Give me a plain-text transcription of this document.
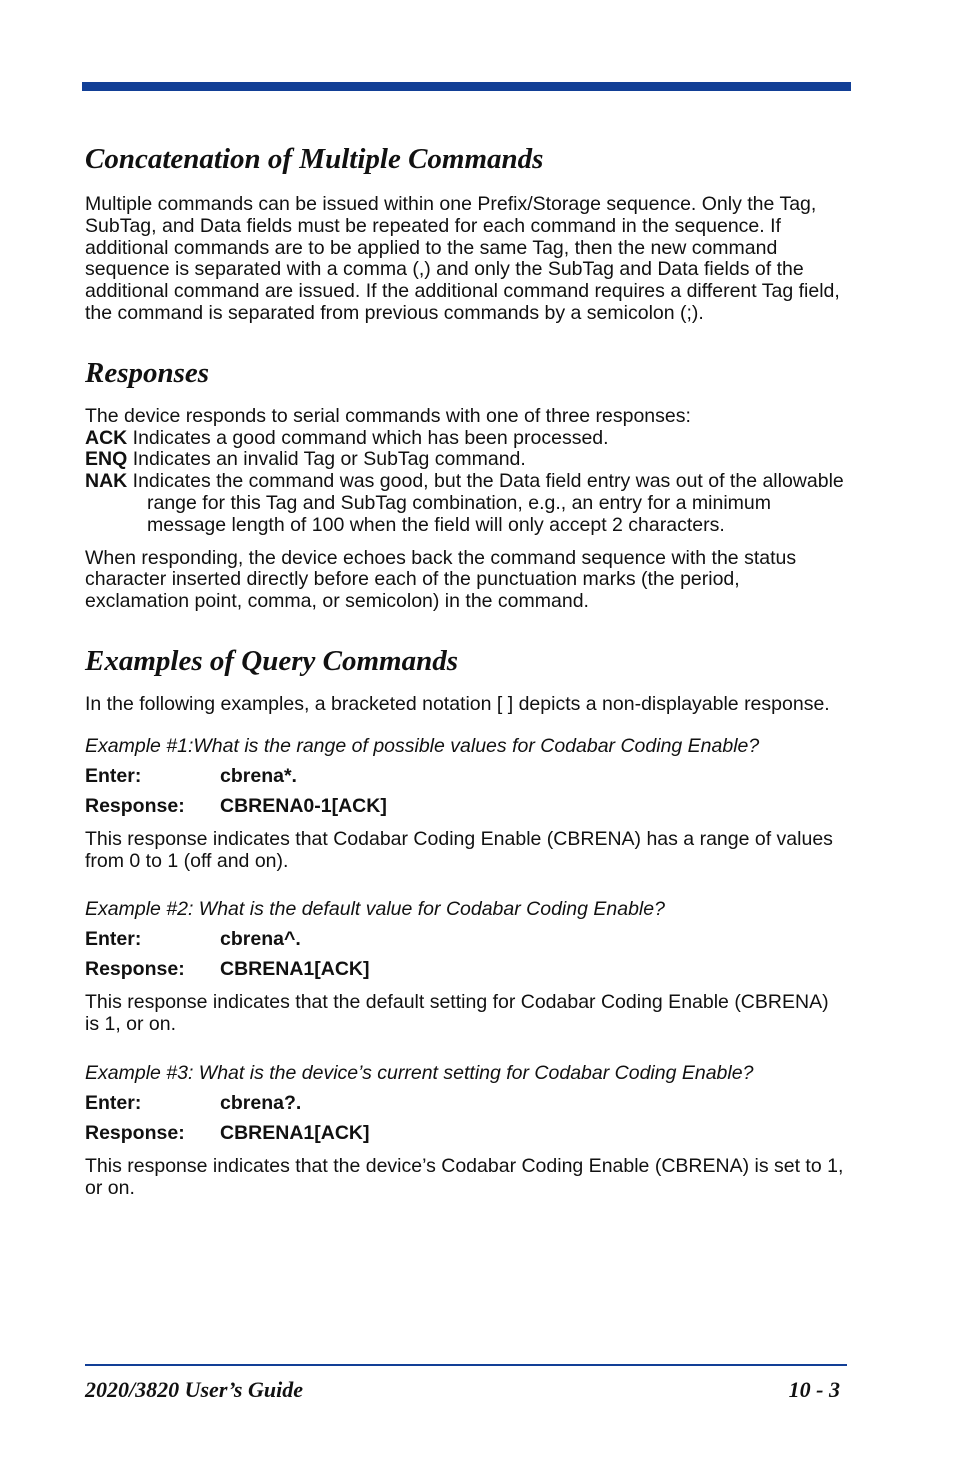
Concatenation of Multiple Commands

Multiple commands can be issued within one Prefix/Storage sequence. Only the Tag, SubTag, and Data fields must be repeated for each command in the sequence. If additional commands are to be applied to the same Tag, then the new command sequence is separated with a comma (,) and only the SubTag and Data fields of the additional command are issued. If the additional command requires a different Tag field, the command is separated from previous commands by a semicolon (;).

Responses

The device responds to serial commands with one of three responses:

ACK Indicates a good command which has been processed.

ENQ Indicates an invalid Tag or SubTag command.

NAK Indicates the command was good, but the Data field entry was out of the allowable range for this Tag and SubTag combination, e.g., an entry for a minimum message length of 100 when the field will only accept 2 characters.

When responding, the device echoes back the command sequence with the status character inserted directly before each of the punctuation marks (the period, exclamation point, comma, or semicolon) in the command.

Examples of Query Commands

In the following examples, a bracketed notation [ ] depicts a non-displayable response.

Example #1:What is the range of possible values for Codabar Coding Enable?

Enter:	cbrena*.
Response:	CBRENA0-1[ACK]

This response indicates that Codabar Coding Enable (CBRENA) has a range of values from 0 to 1 (off and on).

Example #2: What is the default value for Codabar Coding Enable?

Enter:	cbrena^.
Response:	CBRENA1[ACK]

This response indicates that the default setting for Codabar Coding Enable (CBRENA) is 1, or on.

Example #3: What is the device’s current setting for Codabar Coding Enable?

Enter:	cbrena?.
Response:	CBRENA1[ACK]

This response indicates that the device’s Codabar Coding Enable (CBRENA) is set to 1, or on.

2020/3820 User’s Guide	10 - 3
